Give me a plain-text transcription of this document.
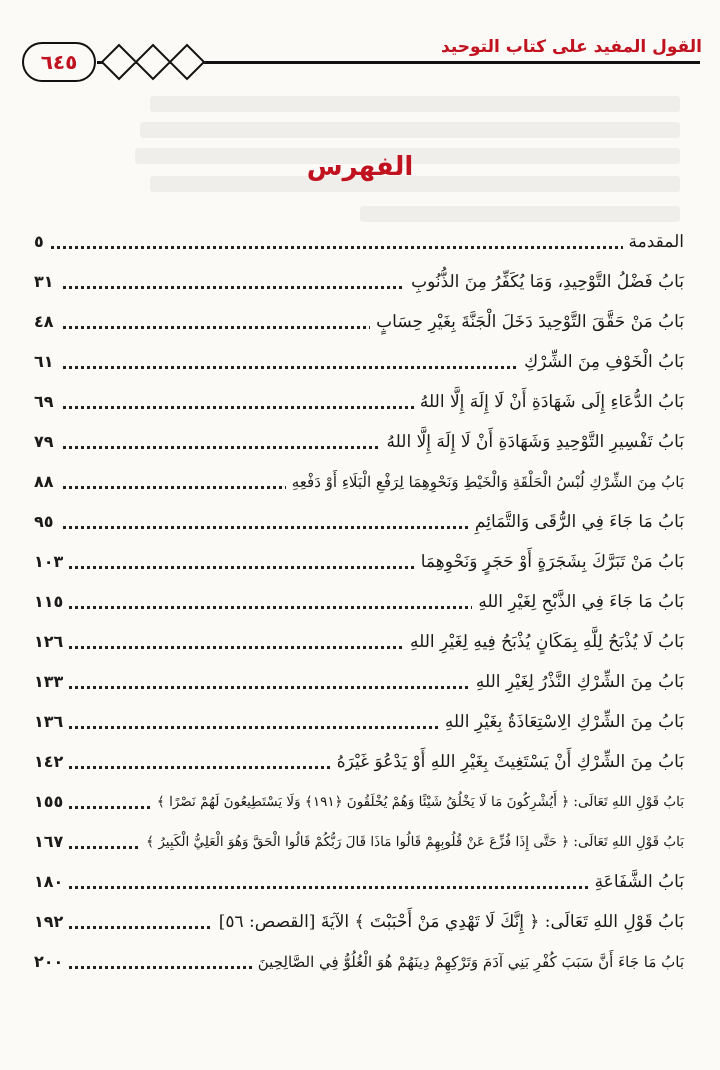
٦٤٥
القول المفيد على كتاب التوحيد
الفهرس
المقدمة
٥
بَابُ فَضْلُ التَّوْحِيدِ، وَمَا يُكَفِّرُ مِنَ الذُّنُوبِ
٣١
بَابُ مَنْ حَقَّقَ التَّوْحِيدَ دَخَلَ الْجَنَّةَ بِغَيْرِ حِسَابٍ
٤٨
بَابُ الْخَوْفِ مِنَ الشِّرْكِ
٦١
بَابُ الدُّعَاءِ إِلَى شَهَادَةِ أَنْ لَا إِلَهَ إِلَّا اللهُ
٦٩
بَابُ تَفْسِيرِ التَّوْحِيدِ وَشَهَادَةِ أَنْ لَا إِلَهَ إِلَّا اللهُ
٧٩
بَابُ مِنَ الشِّرْكِ لُبْسُ الْحَلْقَةِ وَالْخَيْطِ وَنَحْوِهِمَا لِرَفْعِ الْبَلَاءِ أَوْ دَفْعِهِ
٨٨
بَابُ مَا جَاءَ فِي الرُّقَى وَالتَّمَائِمِ
٩٥
بَابُ مَنْ تَبَرَّكَ بِشَجَرَةٍ أَوْ حَجَرٍ وَنَحْوِهِمَا
١٠٣
بَابُ مَا جَاءَ فِي الذَّبْحِ لِغَيْرِ اللهِ
١١٥
بَابُ لَا يُذْبَحُ لِلَّهِ بِمَكَانٍ يُذْبَحُ فِيهِ لِغَيْرِ اللهِ
١٢٦
بَابُ مِنَ الشِّرْكِ النَّذْرُ لِغَيْرِ اللهِ
١٣٣
بَابُ مِنَ الشِّرْكِ الِاسْتِعَاذَةُ بِغَيْرِ اللهِ
١٣٦
بَابُ مِنَ الشِّرْكِ أَنْ يَسْتَغِيثَ بِغَيْرِ اللهِ أَوْ يَدْعُوَ غَيْرَهُ
١٤٢
بَابُ قَوْلِ اللهِ تَعَالَى: ﴿ أَيُشْرِكُونَ مَا لَا يَخْلُقُ شَيْئًا وَهُمْ يُخْلَقُونَ ﴿١٩١﴾ وَلَا يَسْتَطِيعُونَ لَهُمْ نَصْرًا ﴾
١٥٥
بَابُ قَوْلِ اللهِ تَعَالَى: ﴿ حَتَّى إِذَا فُزِّعَ عَنْ قُلُوبِهِمْ قَالُوا مَاذَا قَالَ رَبُّكُمْ قَالُوا الْحَقَّ وَهُوَ الْعَلِيُّ الْكَبِيرُ ﴾
١٦٧
بَابُ الشَّفَاعَةِ
١٨٠
بَابُ قَوْلِ اللهِ تَعَالَى: ﴿ إِنَّكَ لَا تَهْدِي مَنْ أَحْبَبْتَ ﴾ الآيَةَ [القصص: ٥٦]
١٩٢
بَابُ مَا جَاءَ أَنَّ سَبَبَ كُفْرِ بَنِي آدَمَ وَتَرْكِهِمْ دِينَهُمْ هُوَ الْغُلُوُّ فِي الصَّالِحِينَ
٢٠٠
